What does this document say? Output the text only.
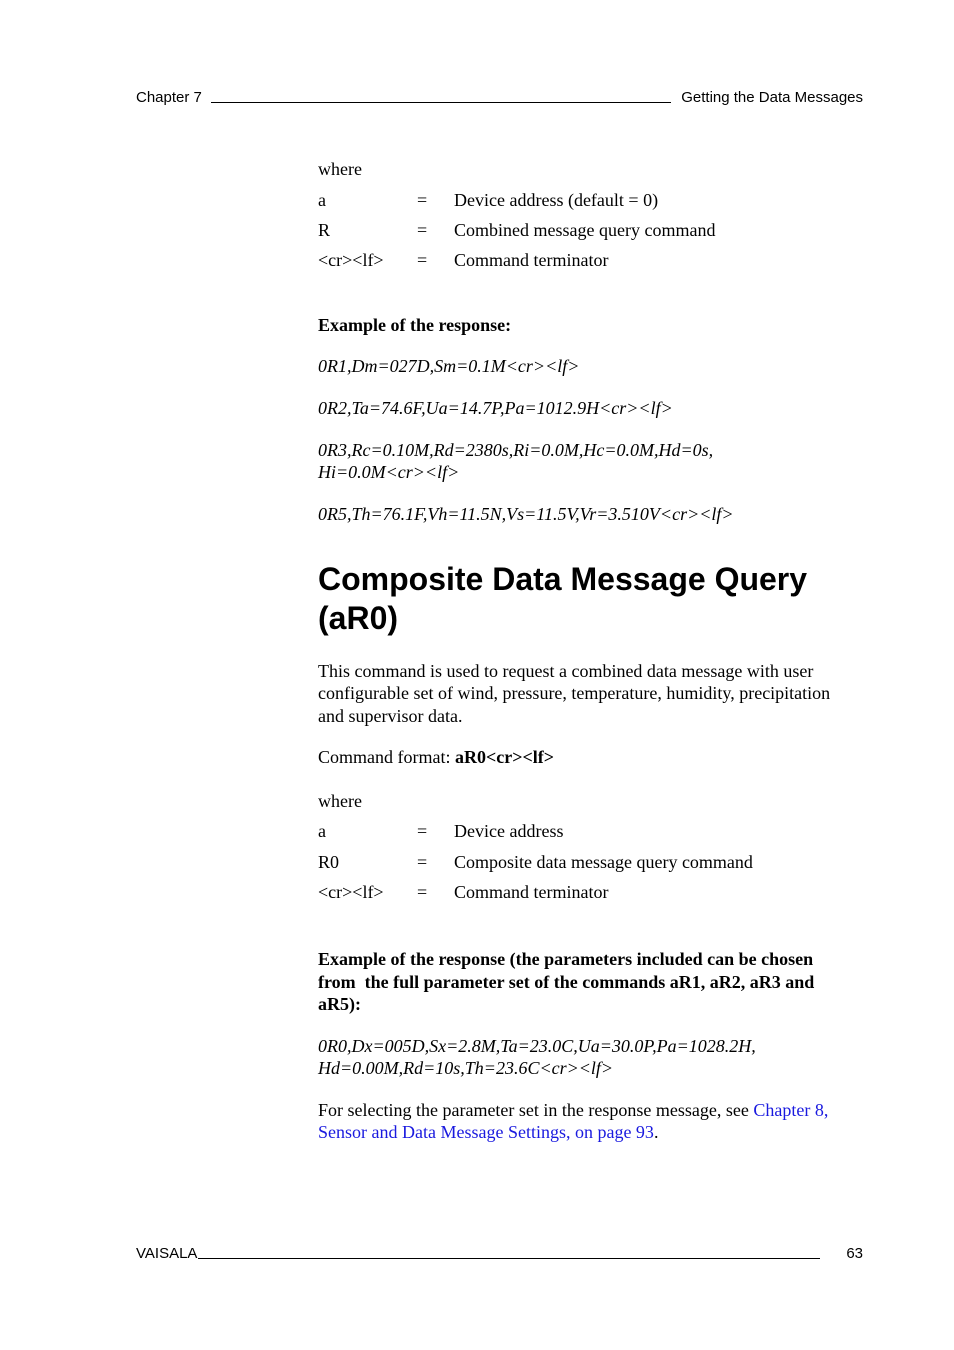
Chapter 7	Getting the Data Messages

where

a	= Device address (default = 0)
R	= Combined message query command
<cr><lf> = Command terminator

Example of the response:

0R1,Dm=027D,Sm=0.1M<cr><lf>

0R2,Ta=74.6F,Ua=14.7P,Pa=1012.9H<cr><lf>

0R3,Rc=0.10M,Rd=2380s,Ri=0.0M,Hc=0.0M,Hd=0s,

Hi=0.0M<cr><lf>

0R5,Th=76.1F,Vh=11.5N,Vs=11.5V,Vr=3.510V<cr><lf>

Composite Data Message Query
(aR0)

This command is used to request a combined data message with user

configurable set of wind, pressure, temperature, humidity, precipitation

and supervisor data.

Command format: aR0<cr><lf>

where

a	= Device address
R0	= Composite data message query command
<cr><lf> = Command terminator

Example of the response (the parameters included can be chosen

from  the full parameter set of the commands aR1, aR2, aR3 and

aR5):

0R0,Dx=005D,Sx=2.8M,Ta=23.0C,Ua=30.0P,Pa=1028.2H,

Hd=0.00M,Rd=10s,Th=23.6C<cr><lf>

For selecting the parameter set in the response message, see Chapter 8,

Sensor and Data Message Settings, on page 93.

VAISALA	63
